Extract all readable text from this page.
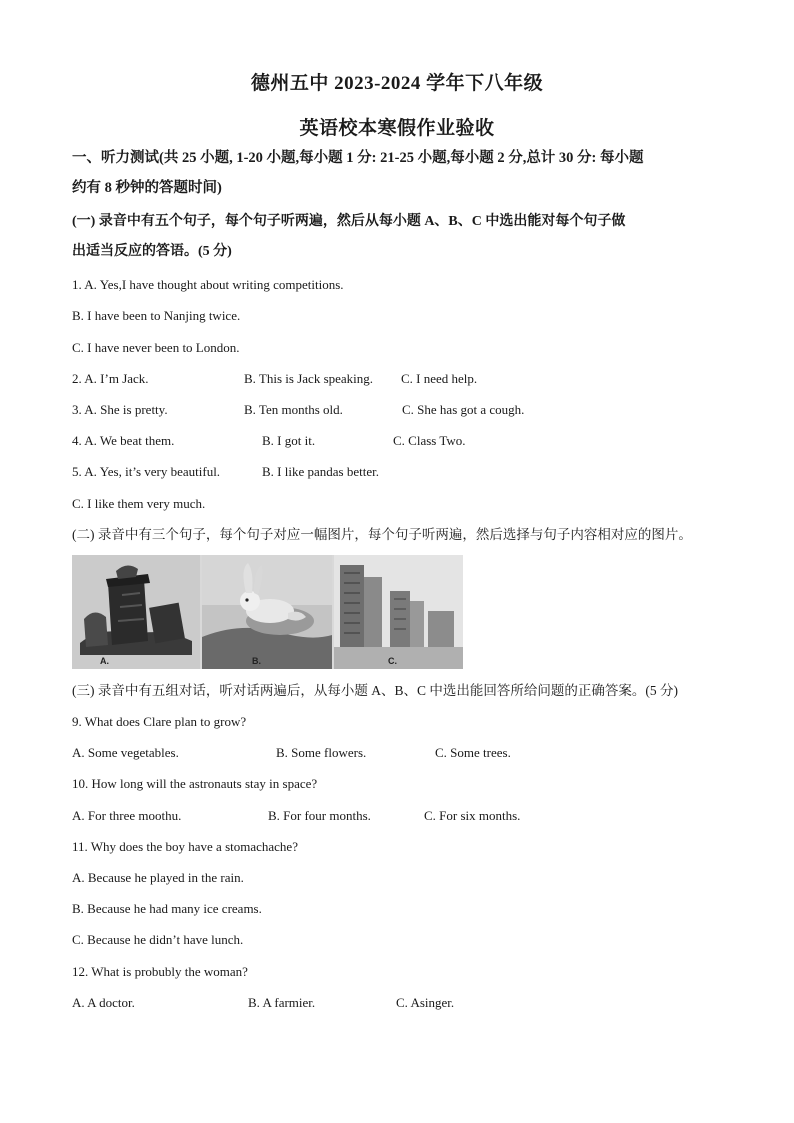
德州五中 2023-2024 学年下八年级
英语校本寒假作业验收
一、听力测试(共 25 小题, 1-20 小题,每小题 1 分: 21-25 小题,每小题 2 分,总计 30 分: 每小题
约有 8 秒钟的答题时间)
(一) 录音中有五个句子，每个句子听两遍，然后从每小题 A、B、C 中选出能对每个句子做
出适当反应的答语。(5 分)
1. A. Yes,I have thought about writing competitions.
B. I have been to Nanjing twice.
C. I have never been to London.
2. A. I’m Jack.	B. This is Jack speaking. C. I need help.
3. A. She is pretty.	B. Ten months old.	C. She has got a cough.
4. A. We beat them.	B. I got it.	C. Class Two.
5. A. Yes, it’s very beautiful.	B. I like pandas better.
C. I like them very much.
(二) 录音中有三个句子，每个句子对应一幅图片，每个句子听两遍，然后选择与句子内容相对应的图片。
A.	B.	C.
(三) 录音中有五组对话，听对话两遍后，从每小题 A、B、C 中选出能回答所给问题的正确答案。(5 分)
9. What does Clare plan to grow?
A. Some vegetables.	B. Some flowers.	C. Some trees.
10. How long will the astronauts stay in space?
A. For three moothu.	B. For four months.	C. For six months.
11. Why does the boy have a stomachache?
A. Because he played in the rain.
B. Because he had many ice creams.
C. Because he didn’t have lunch.
12. What is probubly the woman?
A. A doctor.	B. A farmier.	C. Asinger.
